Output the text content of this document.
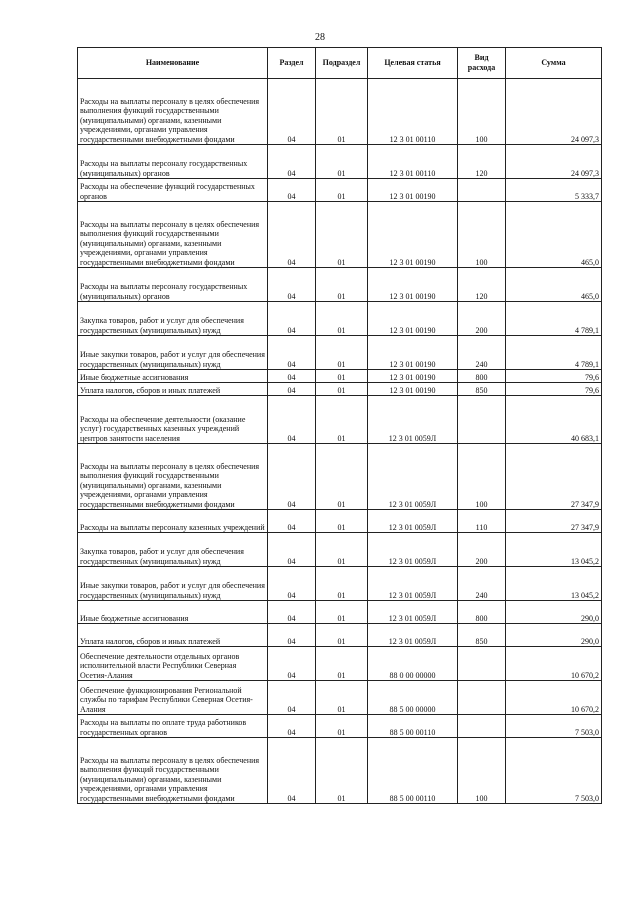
28
Наименование	Раздел	Подраздел	Целевая статья	Вид расхода	Сумма
Расходы на выплаты персоналу в целях обеспечения выполнения функций государственными (муниципальными) органами, казенными учреждениями, органами управления государственными внебюджетными фондами	04	01	12 3 01 00110	100	24 097,3
Расходы на выплаты персоналу государственных (муниципальных) органов	04	01	12 3 01 00110	120	24 097,3
Расходы на обеспечение функций государственных органов	04	01	12 3 01 00190		5 333,7
Расходы на выплаты персоналу в целях обеспечения выполнения функций государственными (муниципальными) органами, казенными учреждениями, органами управления государственными внебюджетными фондами	04	01	12 3 01 00190	100	465,0
Расходы на выплаты персоналу государственных (муниципальных) органов	04	01	12 3 01 00190	120	465,0
Закупка товаров, работ и услуг для обеспечения государственных (муниципальных) нужд	04	01	12 3 01 00190	200	4 789,1
Иные закупки товаров, работ и услуг для обеспечения государственных (муниципальных) нужд	04	01	12 3 01 00190	240	4 789,1
Иные бюджетные ассигнования	04	01	12 3 01 00190	800	79,6
Уплата налогов, сборов и иных платежей	04	01	12 3 01 00190	850	79,6
Расходы на обеспечение деятельности (оказание услуг) государственных казенных учреждений центров занятости населения	04	01	12 3 01 0059Л		40 683,1
Расходы на выплаты персоналу в целях обеспечения выполнения функций государственными (муниципальными) органами, казенными учреждениями, органами управления государственными внебюджетными фондами	04	01	12 3 01 0059Л	100	27 347,9
Расходы на выплаты персоналу казенных учреждений	04	01	12 3 01 0059Л	110	27 347,9
Закупка товаров, работ и услуг для обеспечения государственных (муниципальных) нужд	04	01	12 3 01 0059Л	200	13 045,2
Иные закупки товаров, работ и услуг для обеспечения государственных (муниципальных) нужд	04	01	12 3 01 0059Л	240	13 045,2
Иные бюджетные ассигнования	04	01	12 3 01 0059Л	800	290,0
Уплата налогов, сборов и иных платежей	04	01	12 3 01 0059Л	850	290,0
Обеспечение деятельности отдельных органов исполнительной власти Республики Северная Осетия-Алания	04	01	88 0 00 00000		10 670,2
Обеспечение функционирования Региональной службы по тарифам Республики Северная Осетия-Алания	04	01	88 5 00 00000		10 670,2
Расходы на выплаты по оплате труда работников государственных органов	04	01	88 5 00 00110		7 503,0
Расходы на выплаты персоналу в целях обеспечения выполнения функций государственными (муниципальными) органами, казенными учреждениями, органами управления государственными внебюджетными фондами	04	01	88 5 00 00110	100	7 503,0
